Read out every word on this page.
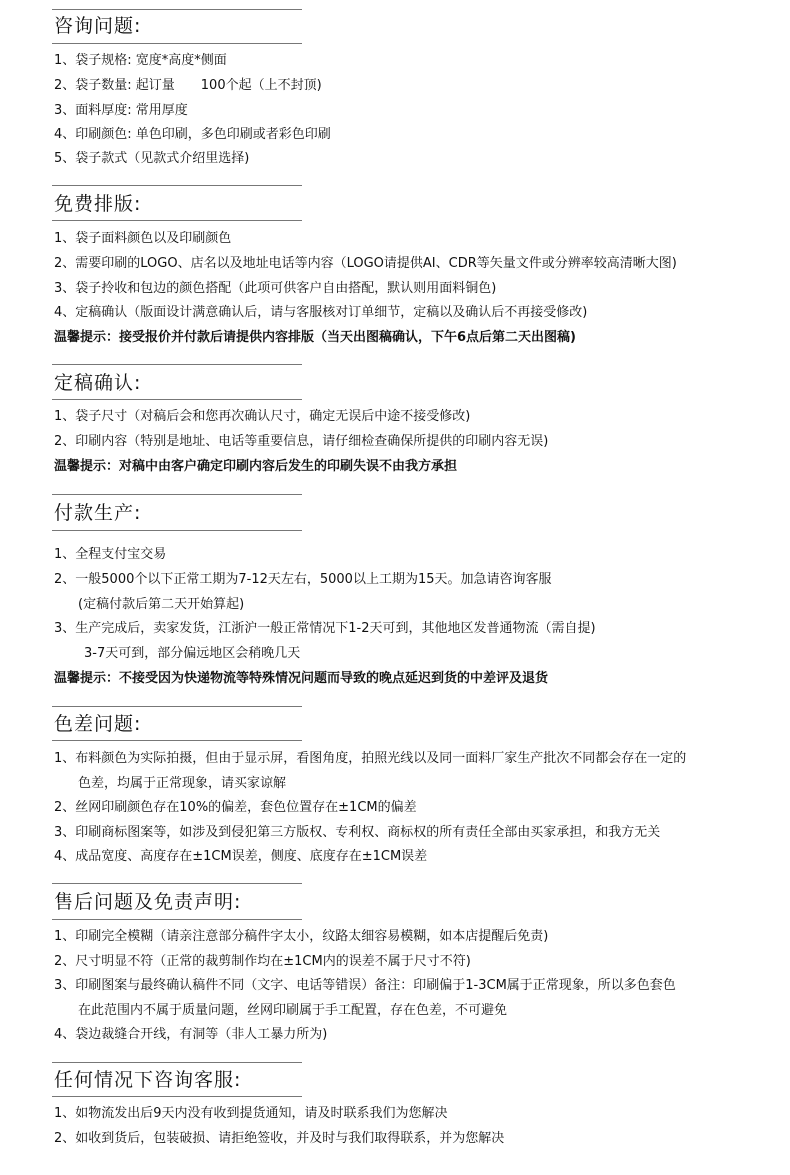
咨询问题:
1、袋子规格: 宽度*高度*侧面
2、袋子数量: 起订量　　100个起（上不封顶)
3、面料厚度: 常用厚度
4、印刷颜色: 单色印刷，多色印刷或者彩色印刷
5、袋子款式（见款式介绍里选择)
免费排版:
1、袋子面料颜色以及印刷颜色
2、需要印刷的LOGO、店名以及地址电话等内容（LOGO请提供AI、CDR等矢量文件或分辨率较高清晰大图)
3、袋子拎收和包边的颜色搭配（此项可供客户自由搭配，默认则用面料铜色)
4、定稿确认（版面设计满意确认后，请与客服核对订单细节，定稿以及确认后不再接受修改)
温馨提示：接受报价并付款后请提供内容排版（当天出图稿确认，下午6点后第二天出图稿)
定稿确认:
1、袋子尺寸（对稿后会和您再次确认尺寸，确定无误后中途不接受修改)
2、印刷内容（特别是地址、电话等重要信息，请仔细检查确保所提供的印刷内容无误)
温馨提示：对稿中由客户确定印刷内容后发生的印刷失误不由我方承担
付款生产:
1、全程支付宝交易
2、一般5000个以下正常工期为7-12天左右，5000以上工期为15天。加急请咨询客服
(定稿付款后第二天开始算起)
3、生产完成后，卖家发货，江浙沪一般正常情况下1-2天可到，其他地区发普通物流（需自提)
3-7天可到，部分偏远地区会稍晚几天
温馨提示：不接受因为快递物流等特殊情况问题而导致的晚点延迟到货的中差评及退货
色差问题:
1、布料颜色为实际拍摄，但由于显示屏，看图角度，拍照光线以及同一面料厂家生产批次不同都会存在一定的
色差，均属于正常现象，请买家谅解
2、丝网印刷颜色存在10%的偏差，套色位置存在±1CM的偏差
3、印刷商标图案等，如涉及到侵犯第三方版权、专利权、商标权的所有责任全部由买家承担，和我方无关
4、成品宽度、高度存在±1CM误差，侧度、底度存在±1CM误差
售后问题及免责声明:
1、印刷完全模糊（请亲注意部分稿件字太小，纹路太细容易模糊，如本店提醒后免责)
2、尺寸明显不符（正常的裁剪制作均在±1CM内的误差不属于尺寸不符)
3、印刷图案与最终确认稿件不同（文字、电话等错误）备注：印刷偏于1-3CM属于正常现象，所以多色套色
在此范围内不属于质量问题，丝网印刷属于手工配置，存在色差，不可避免
4、袋边裁缝合开线，有洞等（非人工暴力所为)
任何情况下咨询客服:
1、如物流发出后9天内没有收到提货通知，请及时联系我们为您解决
2、如收到货后，包装破损、请拒绝签收，并及时与我们取得联系，并为您解决
